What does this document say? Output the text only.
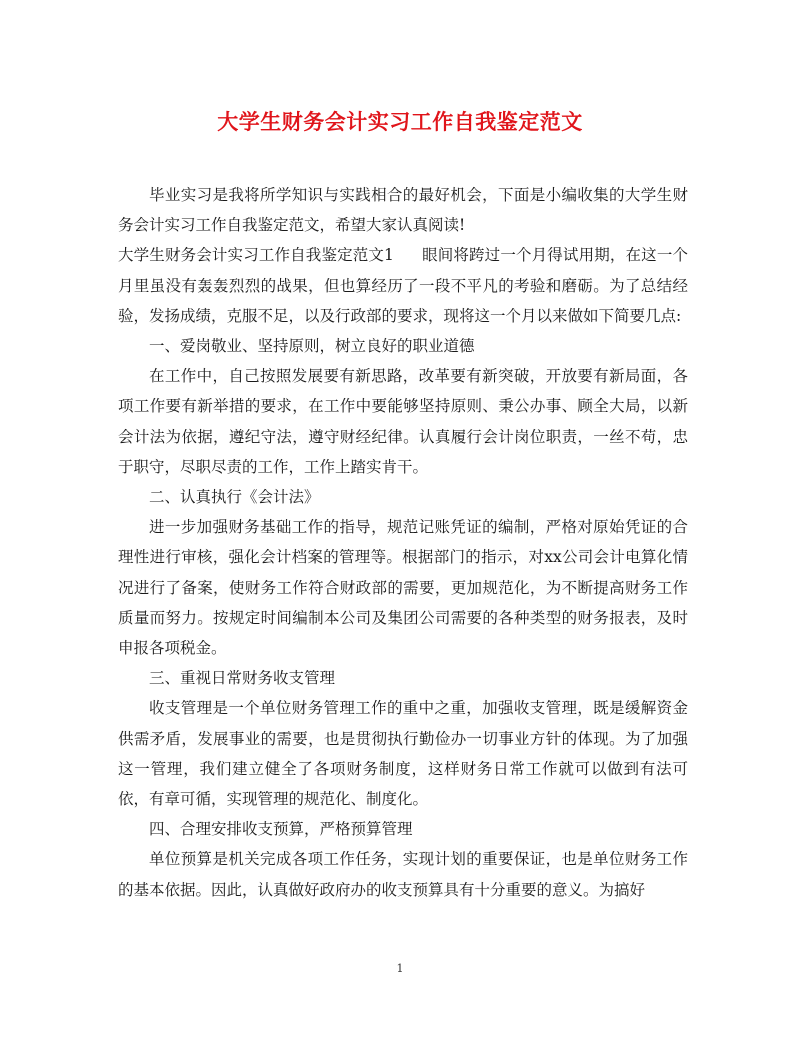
大学生财务会计实习工作自我鉴定范文

毕业实习是我将所学知识与实践相合的最好机会，下面是小编收集的大学生财务会计实习工作自我鉴定范文，希望大家认真阅读!

大学生财务会计实习工作自我鉴定范文1 眼间将跨过一个月得试用期，在这一个月里虽没有轰轰烈烈的战果，但也算经历了一段不平凡的考验和磨砺。为了总结经验，发扬成绩，克服不足，以及行政部的要求，现将这一个月以来做如下简要几点:

一、爱岗敬业、坚持原则，树立良好的职业道德

在工作中，自己按照发展要有新思路，改革要有新突破，开放要有新局面，各项工作要有新举措的要求，在工作中要能够坚持原则、秉公办事、顾全大局，以新会计法为依据，遵纪守法，遵守财经纪律。认真履行会计岗位职责，一丝不苟，忠于职守，尽职尽责的工作，工作上踏实肯干。

二、认真执行《会计法》

进一步加强财务基础工作的指导，规范记账凭证的编制，严格对原始凭证的合理性进行审核，强化会计档案的管理等。根据部门的指示，对xx公司会计电算化情况进行了备案，使财务工作符合财政部的需要，更加规范化，为不断提高财务工作质量而努力。按规定时间编制本公司及集团公司需要的各种类型的财务报表，及时申报各项税金。

三、重视日常财务收支管理

收支管理是一个单位财务管理工作的重中之重，加强收支管理，既是缓解资金供需矛盾，发展事业的需要，也是贯彻执行勤俭办一切事业方针的体现。为了加强这一管理，我们建立健全了各项财务制度，这样财务日常工作就可以做到有法可依，有章可循，实现管理的规范化、制度化。

四、合理安排收支预算，严格预算管理

单位预算是机关完成各项工作任务，实现计划的重要保证，也是单位财务工作的基本依据。因此，认真做好政府办的收支预算具有十分重要的意义。为搞好

1
